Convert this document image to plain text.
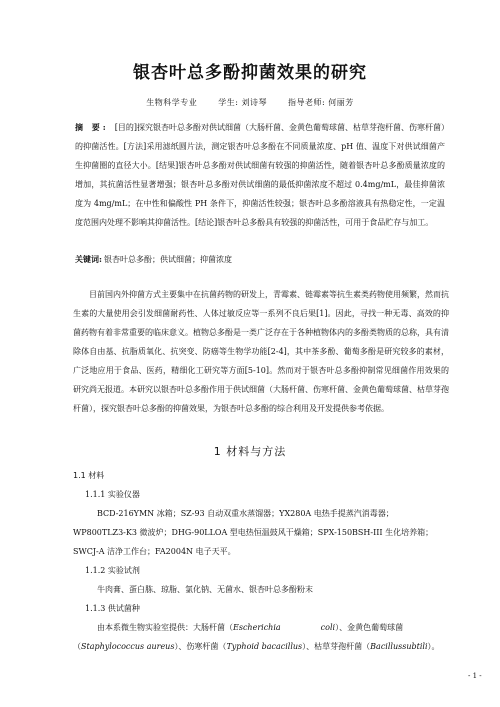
银杏叶总多酚抑菌效果的研究
生物科学专业	学生: 刘诗琴	指导老师: 何丽芳
摘 要: [目的]探究银杏叶总多酚对供试细菌（大肠杆菌、金黄色葡萄球菌、枯草芽孢杆菌、伤寒杆菌）的抑菌活性。[方法]采用滤纸圆片法，测定银杏叶总多酚在不同质量浓度、pH 值、温度下对供试细菌产生抑菌圈的直径大小。[结果]银杏叶总多酚对供试细菌有较强的抑菌活性，随着银杏叶总多酚质量浓度的增加，其抗菌活性显著增强；银杏叶总多酚对供试细菌的最低抑菌浓度不超过 0.4mg/mL，最佳抑菌浓度为 4mg/mL；在中性和偏酸性 PH 条件下，抑菌活性较强；银杏叶总多酚溶液具有热稳定性，一定温度范围内处理不影响其抑菌活性。[结论]银杏叶总多酚具有较强的抑菌活性，可用于食品贮存与加工。
关键词: 银杏叶总多酚；供试细菌；抑菌浓度
目前国内外抑菌方式主要集中在抗菌药物的研发上，青霉素、链霉素等抗生素类药物使用频繁，然而抗生素的大量使用会引发细菌耐药性、人体过敏反应等一系列不良后果[1]。因此，寻找一种无毒、高效的抑菌药物有着非常重要的临床意义。植物总多酚是一类广泛存在于各种植物体内的多酚类物质的总称，具有清除体自由基、抗脂质氧化、抗突变、防癌等生物学功能[2-4]，其中茶多酚、葡萄多酚是研究较多的素材，广泛地应用于食品、医药，精细化工研究等方面[5-10]。然而对于银杏叶总多酚抑制常见细菌作用效果的研究尚无报道。本研究以银杏叶总多酚作用于供试细菌（大肠杆菌、伤寒杆菌、金黄色葡萄球菌、枯草芽孢杆菌），探究银杏叶总多酚的抑菌效果，为银杏叶总多酚的综合利用及开发提供参考依据。
1 材料与方法
1.1 材料
1.1.1 实验仪器
BCD-216YMN 冰箱；SZ-93 自动双重水蒸馏器；YX280A 电热手提蒸汽消毒器；
WP800TLZ3-K3 微波炉；DHG-90LLOA 型电热恒温鼓风干燥箱；SPX-150BSH-III 生化培养箱；
SWCJ-A 洁净工作台；FA2004N 电子天平。
1.1.2 实验试剂
牛肉膏、蛋白胨、琼脂、氯化钠、无菌水、银杏叶总多酚粉末
1.1.3 供试菌种
由本系微生物实验室提供：大肠杆菌（Escherichia	coli）、金黄色葡萄球菌
（Staphylococcus aureus）、伤寒杆菌（Typhoid bacacillus）、枯草芽孢杆菌（Bacillussubtili）。
- 1 -
